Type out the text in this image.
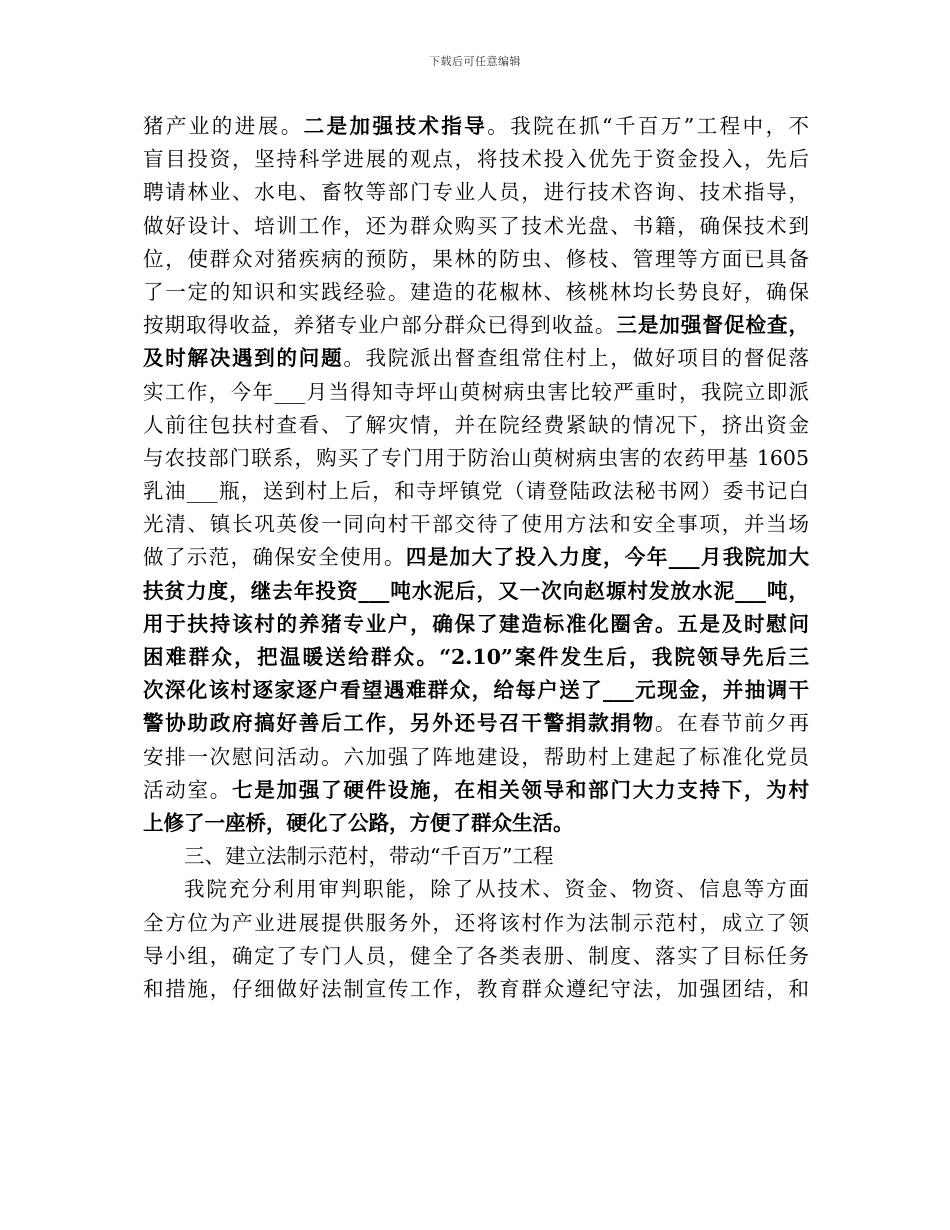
下载后可任意编辑
猪产业的进展。二是加强技术指导。我院在抓“千百万”工程中，不
盲目投资，坚持科学进展的观点，将技术投入优先于资金投入，先后
聘请林业、水电、畜牧等部门专业人员，进行技术咨询、技术指导，
做好设计、培训工作，还为群众购买了技术光盘、书籍，确保技术到
位，使群众对猪疾病的预防，果林的防虫、修枝、管理等方面已具备
了一定的知识和实践经验。建造的花椒林、核桃林均长势良好，确保
按期取得收益，养猪专业户部分群众已得到收益。三是加强督促检查，
及时解决遇到的问题。我院派出督查组常住村上，做好项目的督促落
实工作，今年___月当得知寺坪山萸树病虫害比较严重时，我院立即派
人前往包扶村查看、了解灾情，并在院经费紧缺的情况下，挤出资金
与农技部门联系，购买了专门用于防治山萸树病虫害的农药甲基 1605
乳油___瓶，送到村上后，和寺坪镇党（请登陆政法秘书网）委书记白
光清、镇长巩英俊一同向村干部交待了使用方法和安全事项，并当场
做了示范，确保安全使用。四是加大了投入力度，今年___月我院加大
扶贫力度，继去年投资___吨水泥后，又一次向赵塬村发放水泥___吨，
用于扶持该村的养猪专业户，确保了建造标准化圈舍。五是及时慰问
困难群众，把温暖送给群众。“2.10”案件发生后，我院领导先后三
次深化该村逐家逐户看望遇难群众，给每户送了___元现金，并抽调干
警协助政府搞好善后工作，另外还号召干警捐款捐物。在春节前夕再
安排一次慰问活动。六加强了阵地建设，帮助村上建起了标准化党员
活动室。七是加强了硬件设施，在相关领导和部门大力支持下，为村
上修了一座桥，硬化了公路，方便了群众生活。
三、建立法制示范村，带动“千百万”工程
我院充分利用审判职能，除了从技术、资金、物资、信息等方面
全方位为产业进展提供服务外，还将该村作为法制示范村，成立了领
导小组，确定了专门人员，健全了各类表册、制度、落实了目标任务
和措施，仔细做好法制宣传工作，教育群众遵纪守法，加强团结，和
